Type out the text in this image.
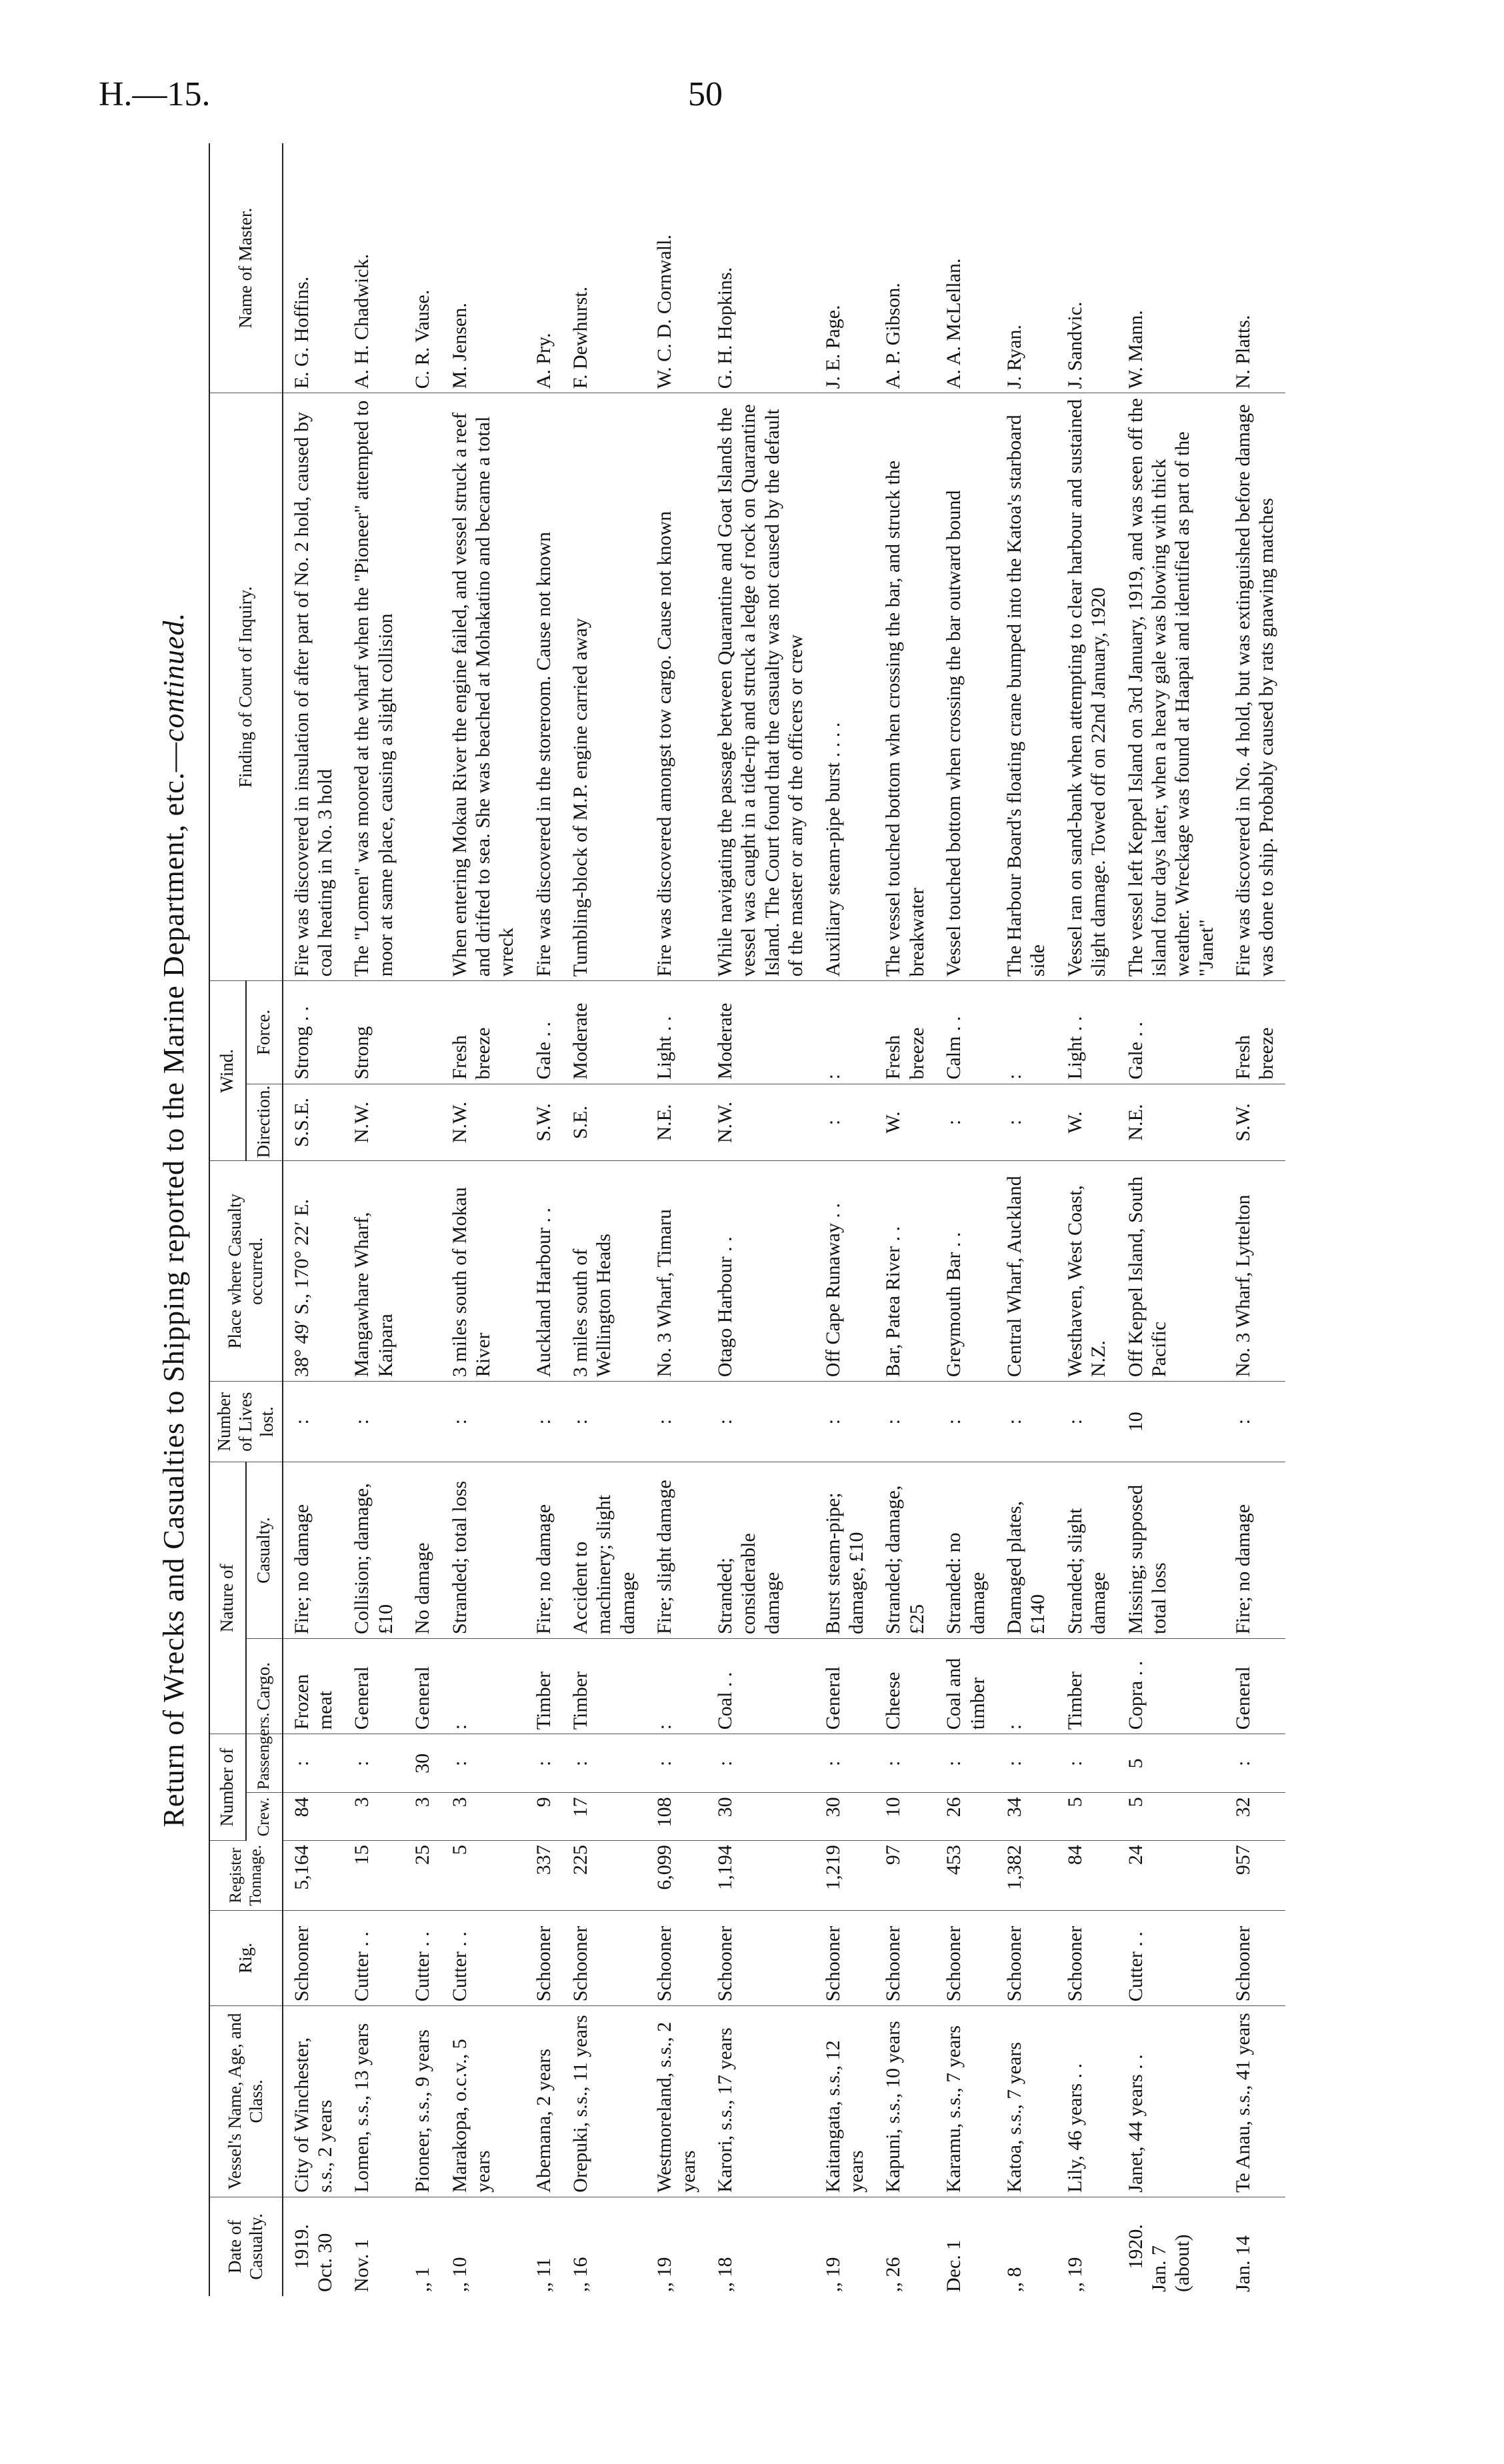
H.—15.	50
Return of Wrecks and Casualties to Shipping reported to the Marine Department, etc.—continued.
Date of Casualty.	Vessel's Name, Age, and Class.	Rig.	Register Tonnage.	Number of		Nature of		Number of Lives lost.	Place where Casualty occurred.	Wind.		Finding of Court of Inquiry.	Name of Master.
				Crew.	Passengers.	Cargo.	Casualty.			Direction.	Force.		

1919. Oct. 30	City of Winchester, s.s., 2 years	Schooner	5,164	84	:	Frozen meat	Fire; no damage	:	38° 49′ S., 170° 22′ E.	S.S.E.	Strong . .	Fire was discovered in insulation of after part of No. 2 hold, caused by coal heating in No. 3 hold	E. G. Hoffins.

Nov. 1	Lomen, s.s., 13 years	Cutter . .	15	3	:	General	Collision; damage, £10	:	Mangawhare Wharf, Kaipara	N.W.	Strong	The "Lomen" was moored at the wharf when the "Pioneer" attempted to moor at same place, causing a slight collision	A. H. Chadwick.

,, 1	Pioneer, s.s., 9 years	Cutter . .	25	3	30	General	No damage						C. R. Vause.

,, 10	Marakopa, o.c.v., 5 years	Cutter . .	5	3	:	:	Stranded; total loss	:	3 miles south of Mokau River	N.W.	Fresh breeze	When entering Mokau River the engine failed, and vessel struck a reef and drifted to sea. She was beached at Mohakatino and became a total wreck	M. Jensen.

,, 11	Abemana, 2 years	Schooner	337	9	:	Timber	Fire; no damage	:	Auckland Harbour . .	S.W.	Gale . .	Fire was discovered in the storeroom. Cause not known	A. Pry.

,, 16	Orepuki, s.s., 11 years	Schooner	225	17	:	Timber	Accident to machinery; slight damage	:	3 miles south of Wellington Heads	S.E.	Moderate	Tumbling-block of M.P. engine carried away	F. Dewhurst.

,, 19	Westmoreland, s.s., 2 years	Schooner	6,099	108	:	:	Fire; slight damage	:	No. 3 Wharf, Timaru	N.E.	Light . .	Fire was discovered amongst tow cargo. Cause not known	W. C. D. Cornwall.

,, 18	Karori, s.s., 17 years	Schooner	1,194	30	:	Coal . .	Stranded; considerable damage	:	Otago Harbour . .	N.W.	Moderate	While navigating the passage between Quarantine and Goat Islands the vessel was caught in a tide-rip and struck a ledge of rock on Quarantine Island. The Court found that the casualty was not caused by the default of the master or any of the officers or crew	G. H. Hopkins.

,, 19	Kaitangata, s.s., 12 years	Schooner	1,219	30	:	General	Burst steam-pipe; damage, £10	:	Off Cape Runaway . .	:	:	Auxiliary steam-pipe burst . . . .	J. E. Page.

,, 26	Kapuni, s.s., 10 years	Schooner	97	10	:	Cheese	Stranded; damage, £25	:	Bar, Patea River . .	W.	Fresh breeze	The vessel touched bottom when crossing the bar, and struck the breakwater	A. P. Gibson.

Dec. 1	Karamu, s.s., 7 years	Schooner	453	26	:	Coal and timber	Stranded: no damage	:	Greymouth Bar . .	:	Calm . .	Vessel touched bottom when crossing the bar outward bound	A. A. McLellan.

,, 8	Katoa, s.s., 7 years	Schooner	1,382	34	:	:	Damaged plates, £140	:	Central Wharf, Auckland	:	:	The Harbour Board's floating crane bumped into the Katoa's starboard side	J. Ryan.

,, 19	Lily, 46 years . .	Schooner	84	5	:	Timber	Stranded; slight damage	:	Westhaven, West Coast, N.Z.	W.	Light . .	Vessel ran on sand-bank when attempting to clear harbour and sustained slight damage. Towed off on 22nd January, 1920	J. Sandvic.

1920. Jan. 7 (about)	Janet, 44 years . .	Cutter . .	24	5	5	Copra . .	Missing; supposed total loss	10	Off Keppel Island, South Pacific	N.E.	Gale . .	The vessel left Keppel Island on 3rd January, 1919, and was seen off the island four days later, when a heavy gale was blowing with thick weather. Wreckage was found at Haapai and identified as part of the "Janet"	W. Mann.

Jan. 14	Te Anau, s.s., 41 years	Schooner	957	32	:	General	Fire; no damage	:	No. 3 Wharf, Lyttelton	S.W.	Fresh breeze	Fire was discovered in No. 4 hold, but was extinguished before damage was done to ship. Probably caused by rats gnawing matches	N. Platts.
